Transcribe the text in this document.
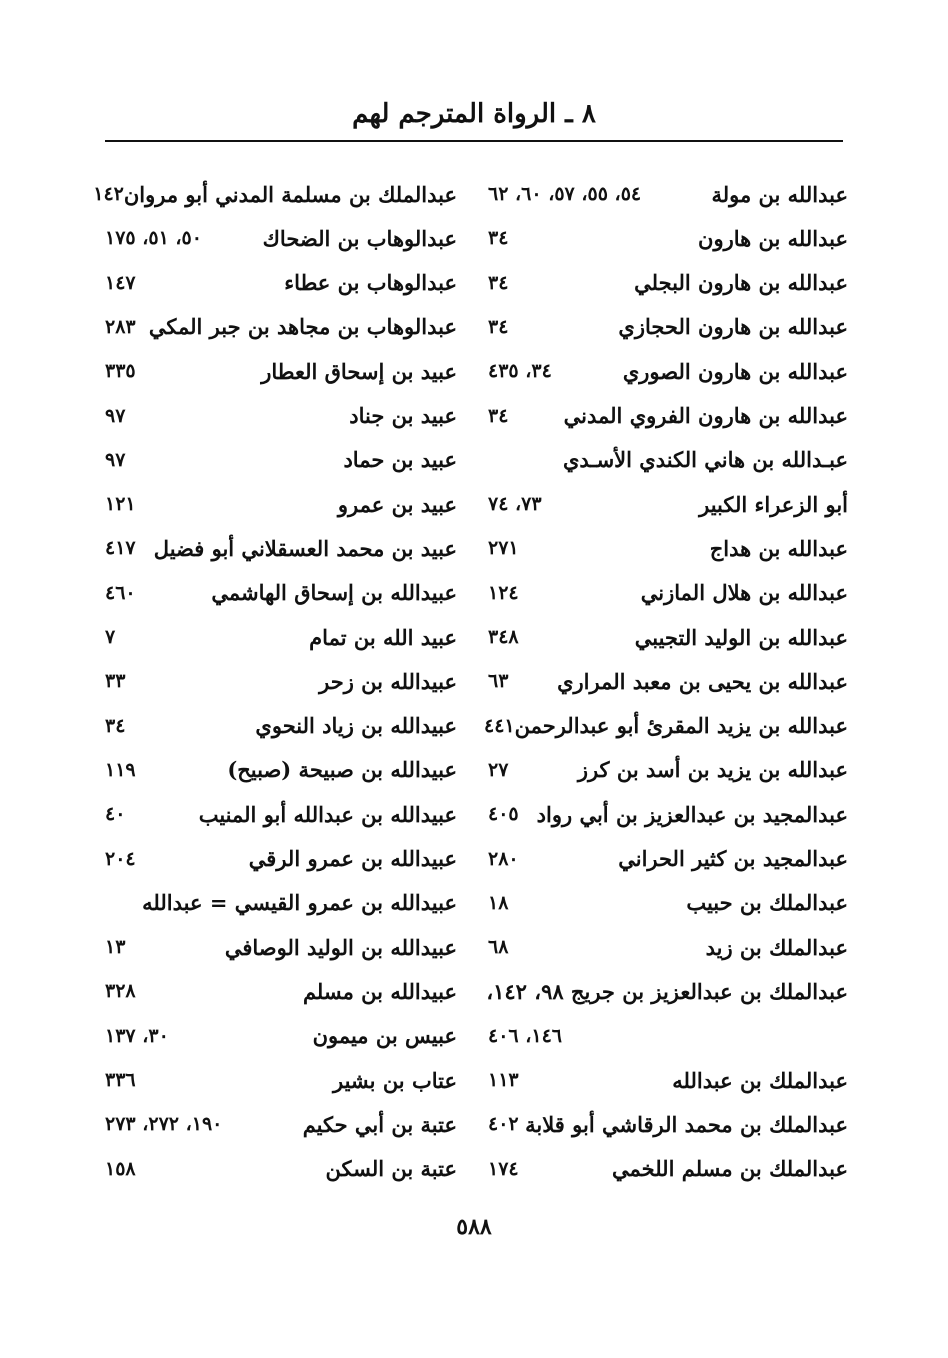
٨ ـ الرواة المترجم لهم
عبدالله بن مولة
٥٤، ٥٥، ٥٧، ٦٠، ٦٢
عبدالله بن هارون
٣٤
عبدالله بن هارون البجلي
٣٤
عبدالله بن هارون الحجازي
٣٤
عبدالله بن هارون الصوري
٣٤، ٤٣٥
عبدالله بن هارون الفروي المدني
٣٤
عبـدالله بن هاني الكندي الأسـدي
أبو الزعراء الكبير
٧٣، ٧٤
عبدالله بن هداج
٢٧١
عبدالله بن هلال المازني
١٢٤
عبدالله بن الوليد التجيبي
٣٤٨
عبدالله بن يحيى بن معبد المراري
٦٣
عبدالله بن يزيد المقرئ أبو عبدالرحمن
٤٤١
عبدالله بن يزيد بن أسد بن كرز
٢٧
عبدالمجيد بن عبدالعزيز بن أبي رواد
٤٠٥
عبدالمجيد بن كثير الحراني
٢٨٠
عبدالملك بن حبيب
١٨
عبدالملك بن زيد
٦٨
عبدالملك بن عبدالعزيز بن جريج ٩٨، ١٤٢،
١٤٦، ٤٠٦
عبدالملك بن عبدالله
١١٣
عبدالملك بن محمد الرقاشي أبو قلابة
٤٠٢
عبدالملك بن مسلم اللخمي
١٧٤
عبدالملك بن مسلمة المدني أبو مروان
١٤٢
عبدالوهاب بن الضحاك
٥٠، ٥١، ١٧٥
عبدالوهاب بن عطاء
١٤٧
عبدالوهاب بن مجاهد بن جبر المكي
٢٨٣
عبيد بن إسحاق العطار
٣٣٥
عبيد بن جناد
٩٧
عبيد بن حماد
٩٧
عبيد بن عمرو
١٢١
عبيد بن محمد العسقلاني أبو فضيل
٤١٧
عبيدالله بن إسحاق الهاشمي
٤٦٠
عبيد الله بن تمام
٧
عبيدالله بن زحر
٣٣
عبيدالله بن زياد النحوي
٣٤
عبيدالله بن صبيحة (صبيح)
١١٩
عبيدالله بن عبدالله أبو المنيب
٤٠
عبيدالله بن عمرو الرقي
٢٠٤
عبيدالله بن عمرو القيسي = عبدالله
عبيدالله بن الوليد الوصافي
١٣
عبيدالله بن مسلم
٣٢٨
عبيس بن ميمون
٣٠، ١٣٧
عتاب بن بشير
٣٣٦
عتبة بن أبي حكيم
١٩٠، ٢٧٢، ٢٧٣
عتبة بن السكن
١٥٨
٥٨٨
